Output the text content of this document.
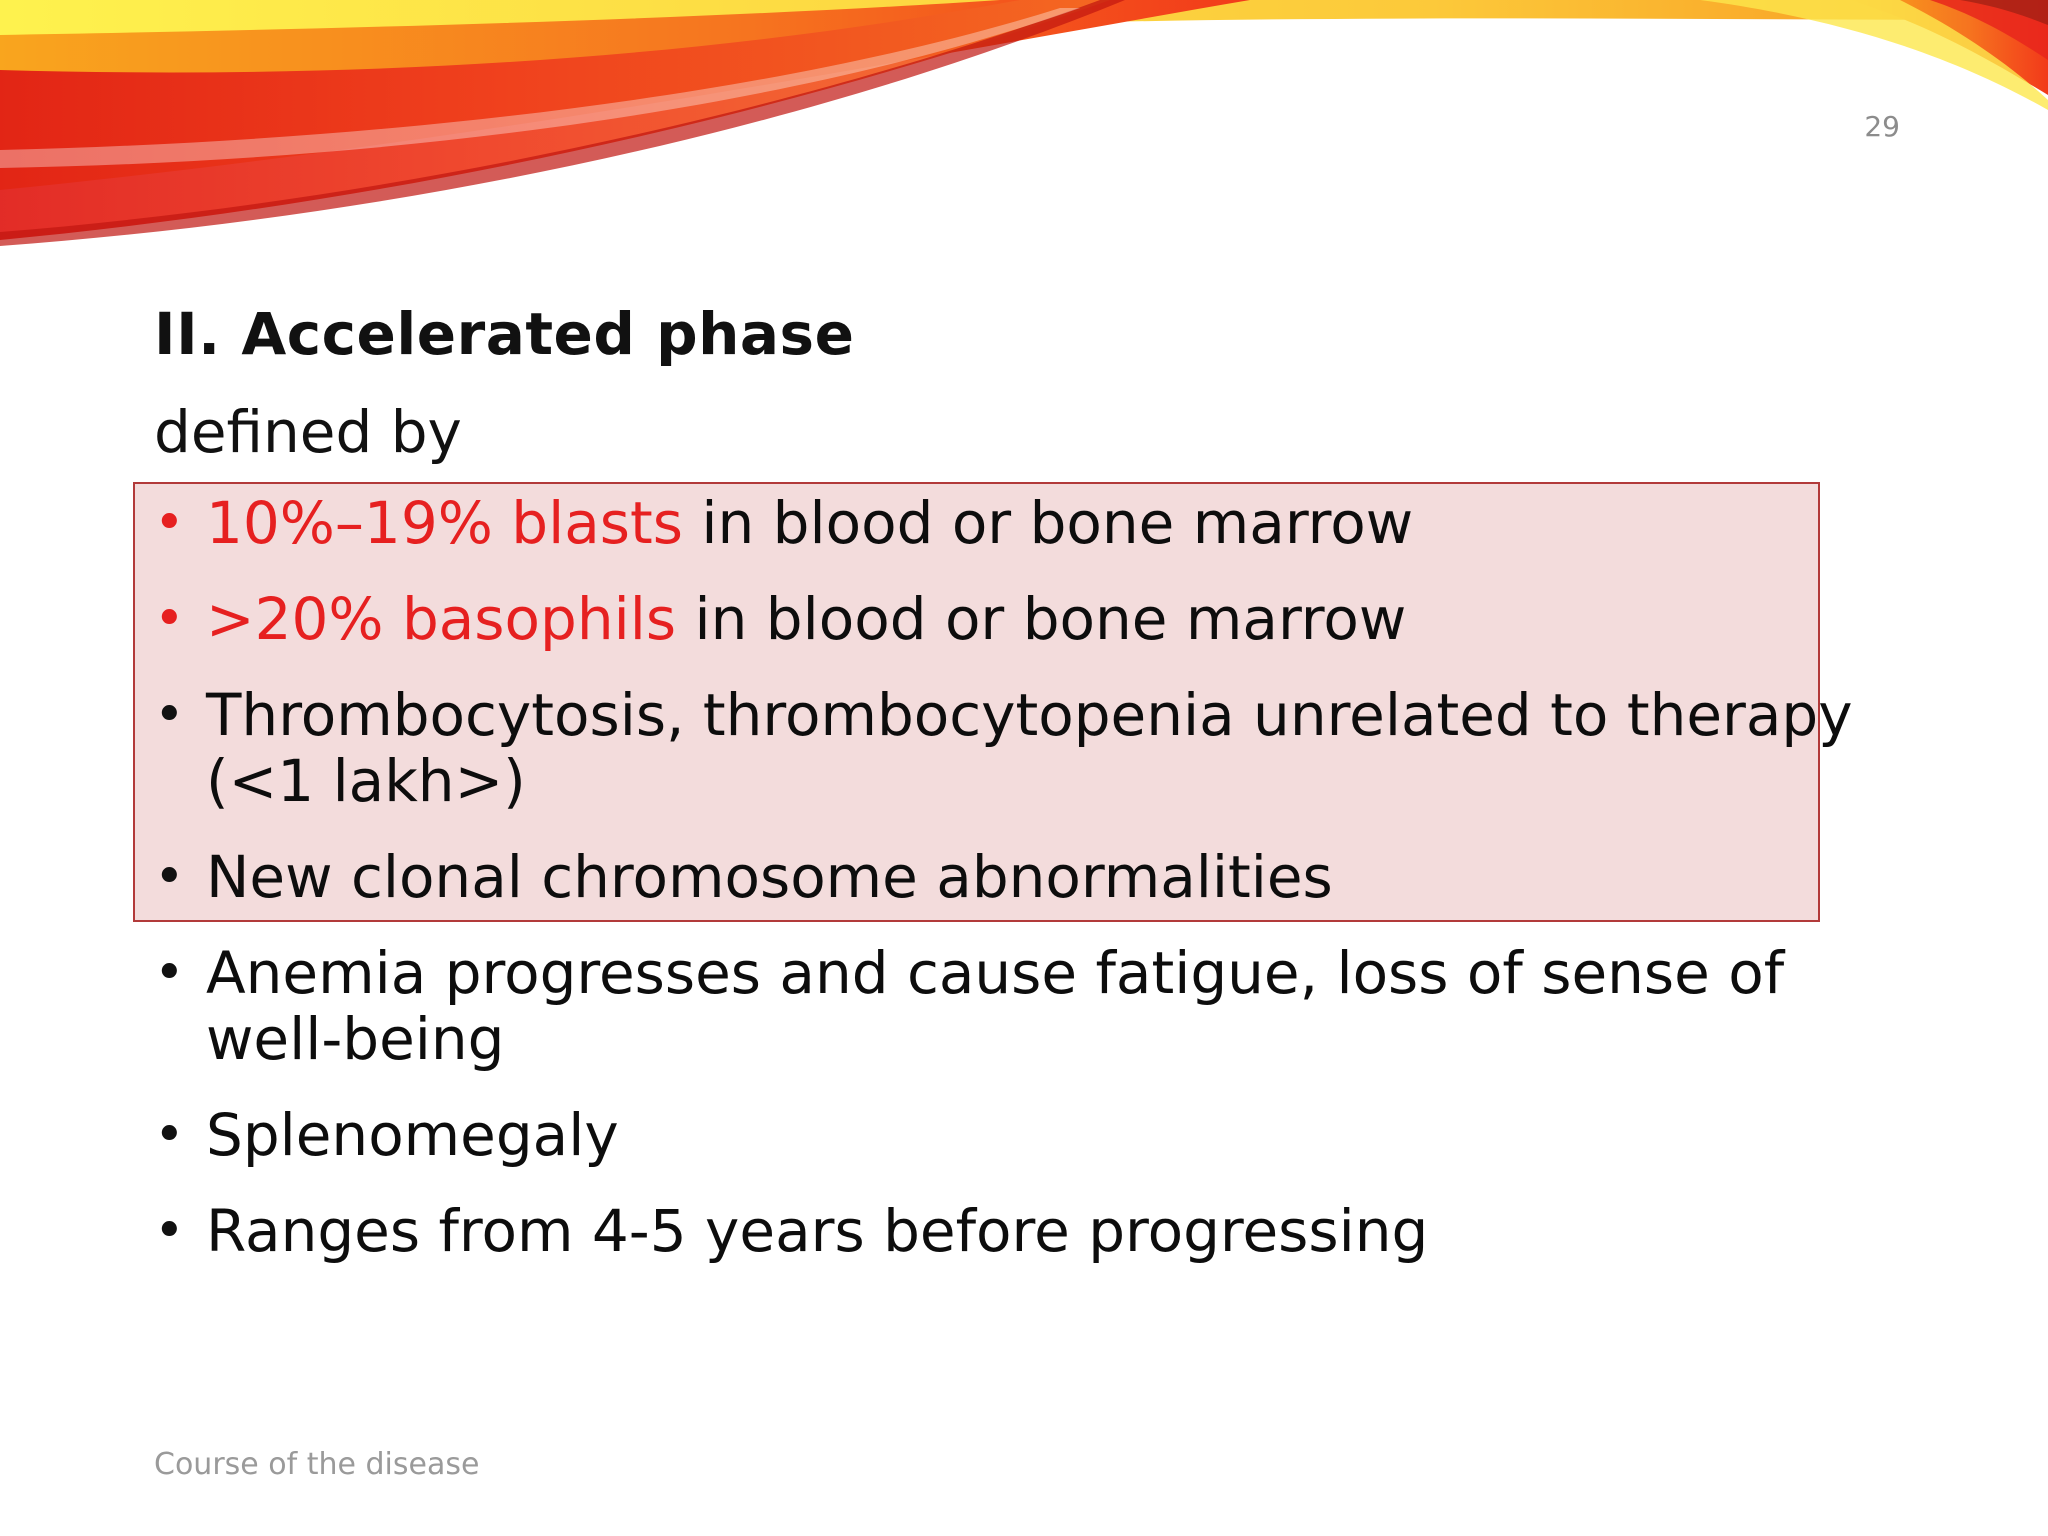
29
II. Accelerated phase
defined by
• 10%–19% blasts in blood or bone marrow
• >20% basophils in blood or bone marrow
• Thrombocytosis, thrombocytopenia unrelated to therapy (<1 lakh>)
• New clonal chromosome abnormalities
• Anemia progresses and cause fatigue, loss of sense of well-being
• Splenomegaly
• Ranges from 4-5 years before progressing
Course of the disease
